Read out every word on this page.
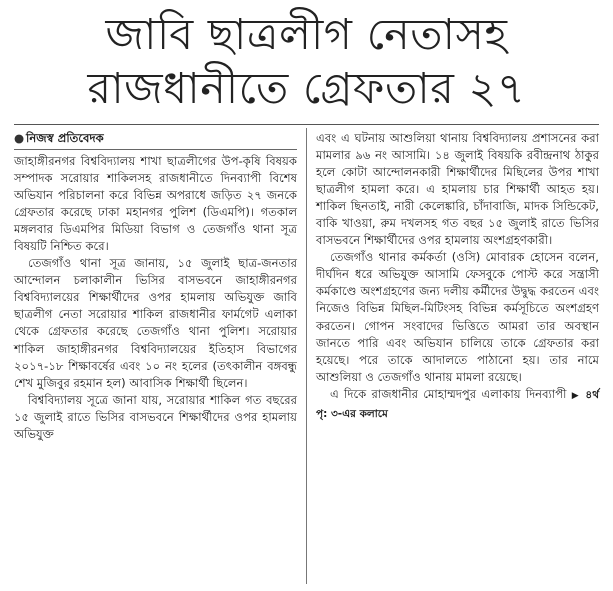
জাবি ছাত্রলীগ নেতাসহ
রাজধানীতে গ্রেফতার ২৭
● নিজস্ব প্রতিবেদক

জাহাঙ্গীরনগর বিশ্ববিদ্যালয় শাখা ছাত্রলীগের উপ-কৃষি বিষয়ক সম্পাদক সরোয়ার শাকিলসহ রাজধানীতে দিনব্যাপী বিশেষ অভিযান পরিচালনা করে বিভিন্ন অপরাধে জড়িত ২৭ জনকে গ্রেফতার করেছে ঢাকা মহানগর পুলিশ (ডিএমপি)। গতকাল মঙ্গলবার ডিএমপির মিডিয়া বিভাগ ও তেজগাঁও থানা সূত্র বিষয়টি নিশ্চিত করে।

তেজগাঁও থানা সূত্র জানায়, ১৫ জুলাই ছাত্র-জনতার আন্দোলন চলাকালীন ভিসির বাসভবনে জাহাঙ্গীরনগর বিশ্ববিদ্যালয়ের শিক্ষার্থীদের ওপর হামলায় অভিযুক্ত জাবি ছাত্রলীগ নেতা সরোয়ার শাকিল রাজধানীর ফার্মগেট এলাকা থেকে গ্রেফতার করেছে তেজগাঁও থানা পুলিশ। সরোয়ার শাকিল জাহাঙ্গীরনগর বিশ্ববিদ্যালয়ের ইতিহাস বিভাগের ২০১৭-১৮ শিক্ষাবর্ষের এবং ১০ নং হলের (তৎকালীন বঙ্গবন্ধু শেখ মুজিবুর রহমান হল) আবাসিক শিক্ষার্থী ছিলেন।

বিশ্ববিদ্যালয় সূত্রে জানা যায়, সরোয়ার শাকিল গত বছরের ১৫ জুলাই রাতে ভিসির বাসভবনে শিক্ষার্থীদের ওপর হামলায় অভিযুক্ত

এবং এ ঘটনায় আশুলিয়া থানায় বিশ্ববিদ্যালয় প্রশাসনের করা মামলার ৯৬ নং আসামি। ১৪ জুলাই বিষয়কি রবীন্দ্রনাথ ঠাকুর হলে কোটা আন্দোলনকারী শিক্ষার্থীদের মিছিলের উপর শাখা ছাত্রলীগ হামলা করে। এ হামলায় চার শিক্ষার্থী আহত হয়। শাকিল ছিনতাই, নারী কেলেঙ্কারি, চাঁদাবাজি, মাদক সিন্ডিকেট, বাকি খাওয়া, রুম দখলসহ গত বছর ১৫ জুলাই রাতে ভিসির বাসভবনে শিক্ষার্থীদের ওপর হামলায় অংশগ্রহণকারী।

তেজগাঁও থানার কর্মকর্তা (ওসি) মোবারক হোসেন বলেন, দীর্ঘদিন ধরে অভিযুক্ত আসামি ফেসবুকে পোস্ট করে সন্ত্রাসী কর্মকাণ্ডে অংশগ্রহণের জন্য দলীয় কর্মীদের উদ্বুদ্ধ করতেন এবং নিজেও বিভিন্ন মিছিল-মিটিংসহ বিভিন্ন কর্মসূচিতে অংশগ্রহণ করতেন। গোপন সংবাদের ভিত্তিতে আমরা তার অবস্থান জানতে পারি এবং অভিযান চালিয়ে তাকে গ্রেফতার করা হয়েছে। পরে তাকে আদালতে পাঠানো হয়। তার নামে আশুলিয়া ও তেজগাঁও থানায় মামলা রয়েছে।

এ দিকে রাজধানীর মোহাম্মদপুর এলাকায় দিনব্যাপী ▶ ৪র্থ পৃ: ৩-এর কলামে
